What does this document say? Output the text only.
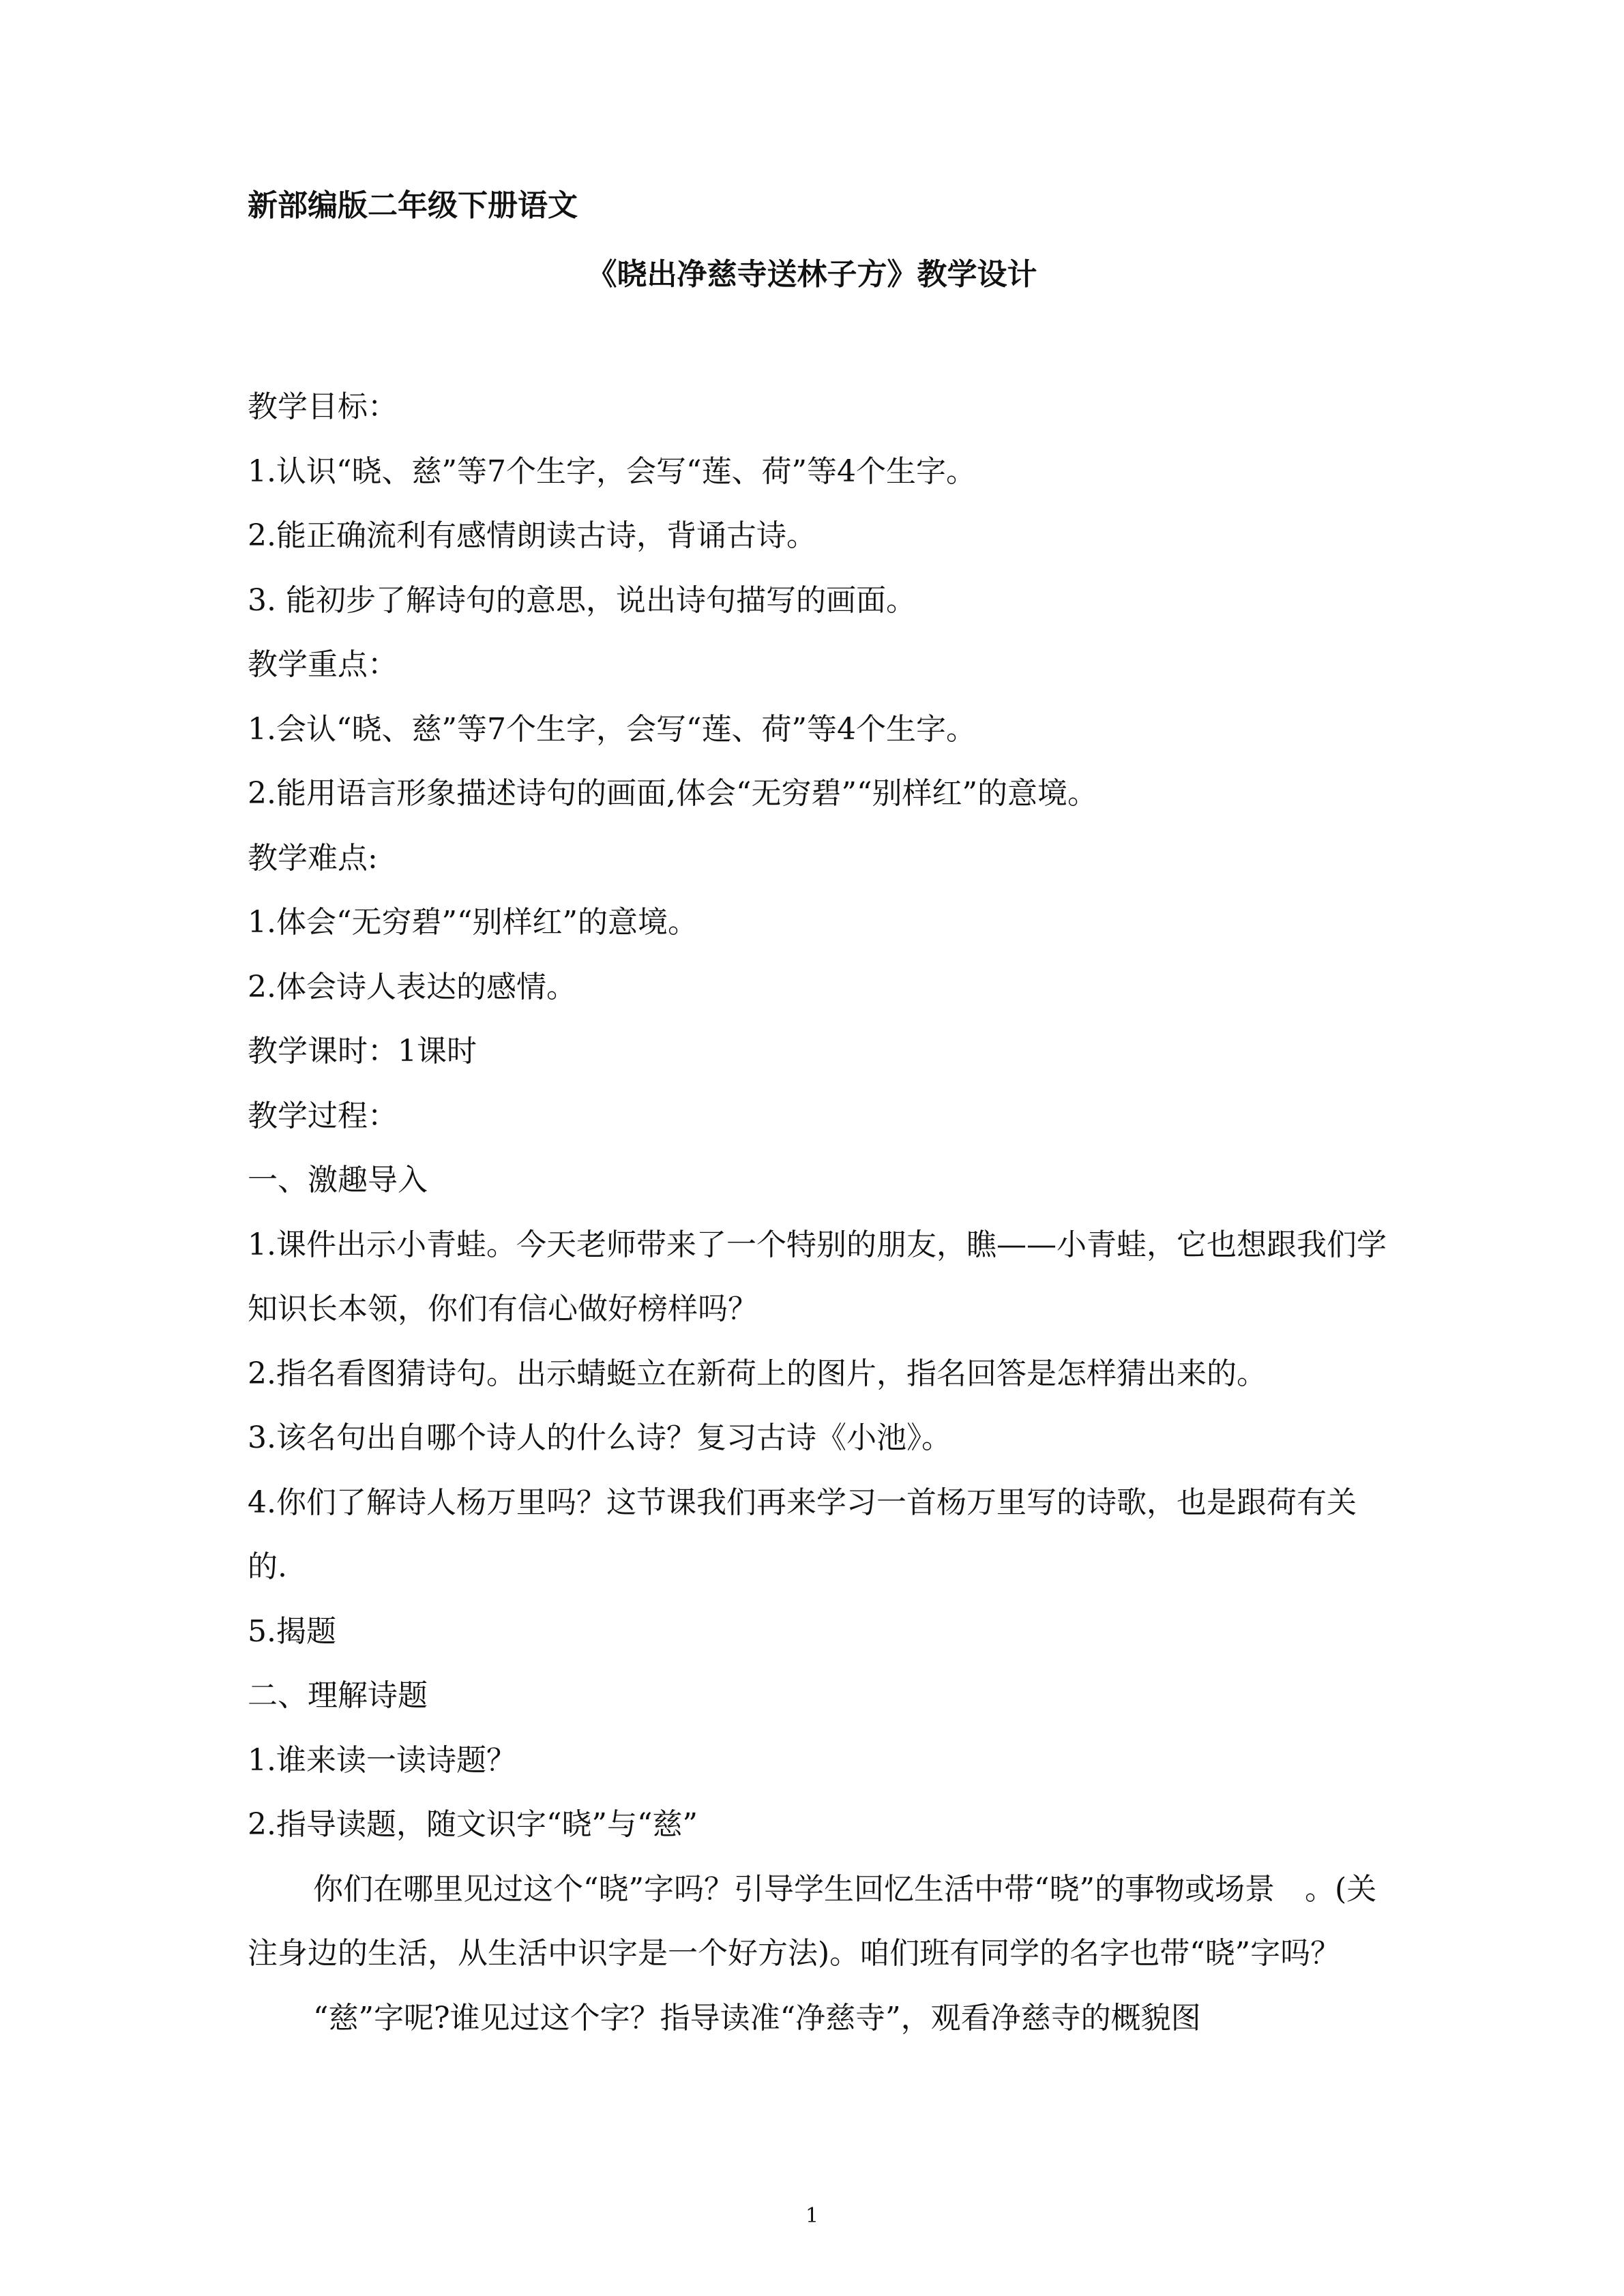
新部编版二年级下册语文
《晓出净慈寺送林子方》教学设计
教学目标：
1.认识“晓、慈”等7个生字，会写“莲、荷”等4个生字。
2.能正确流利有感情朗读古诗，背诵古诗。
3. 能初步了解诗句的意思，说出诗句描写的画面。
教学重点：
1.会认“晓、慈”等7个生字，会写“莲、荷”等4个生字。
2.能用语言形象描述诗句的画面,体会“无穷碧”“别样红”的意境。
教学难点:
1.体会“无穷碧”“别样红”的意境。
2.体会诗人表达的感情。
教学课时：1课时
教学过程：
一、激趣导入
1.课件出示小青蛙。今天老师带来了一个特别的朋友，瞧——小青蛙，它也想跟我们学知识长本领，你们有信心做好榜样吗？
2.指名看图猜诗句。出示蜻蜓立在新荷上的图片，指名回答是怎样猜出来的。
3.该名句出自哪个诗人的什么诗？复习古诗《小池》。
4.你们了解诗人杨万里吗？这节课我们再来学习一首杨万里写的诗歌，也是跟荷有关的.
5.揭题
二、理解诗题
1.谁来读一读诗题？
2.指导读题，随文识字“晓”与“慈”
你们在哪里见过这个“晓”字吗？引导学生回忆生活中带“晓”的事物或场景　。(关注身边的生活，从生活中识字是一个好方法)。咱们班有同学的名字也带“晓”字吗？
“慈”字呢?谁见过这个字？指导读准“净慈寺”，观看净慈寺的概貌图
1
